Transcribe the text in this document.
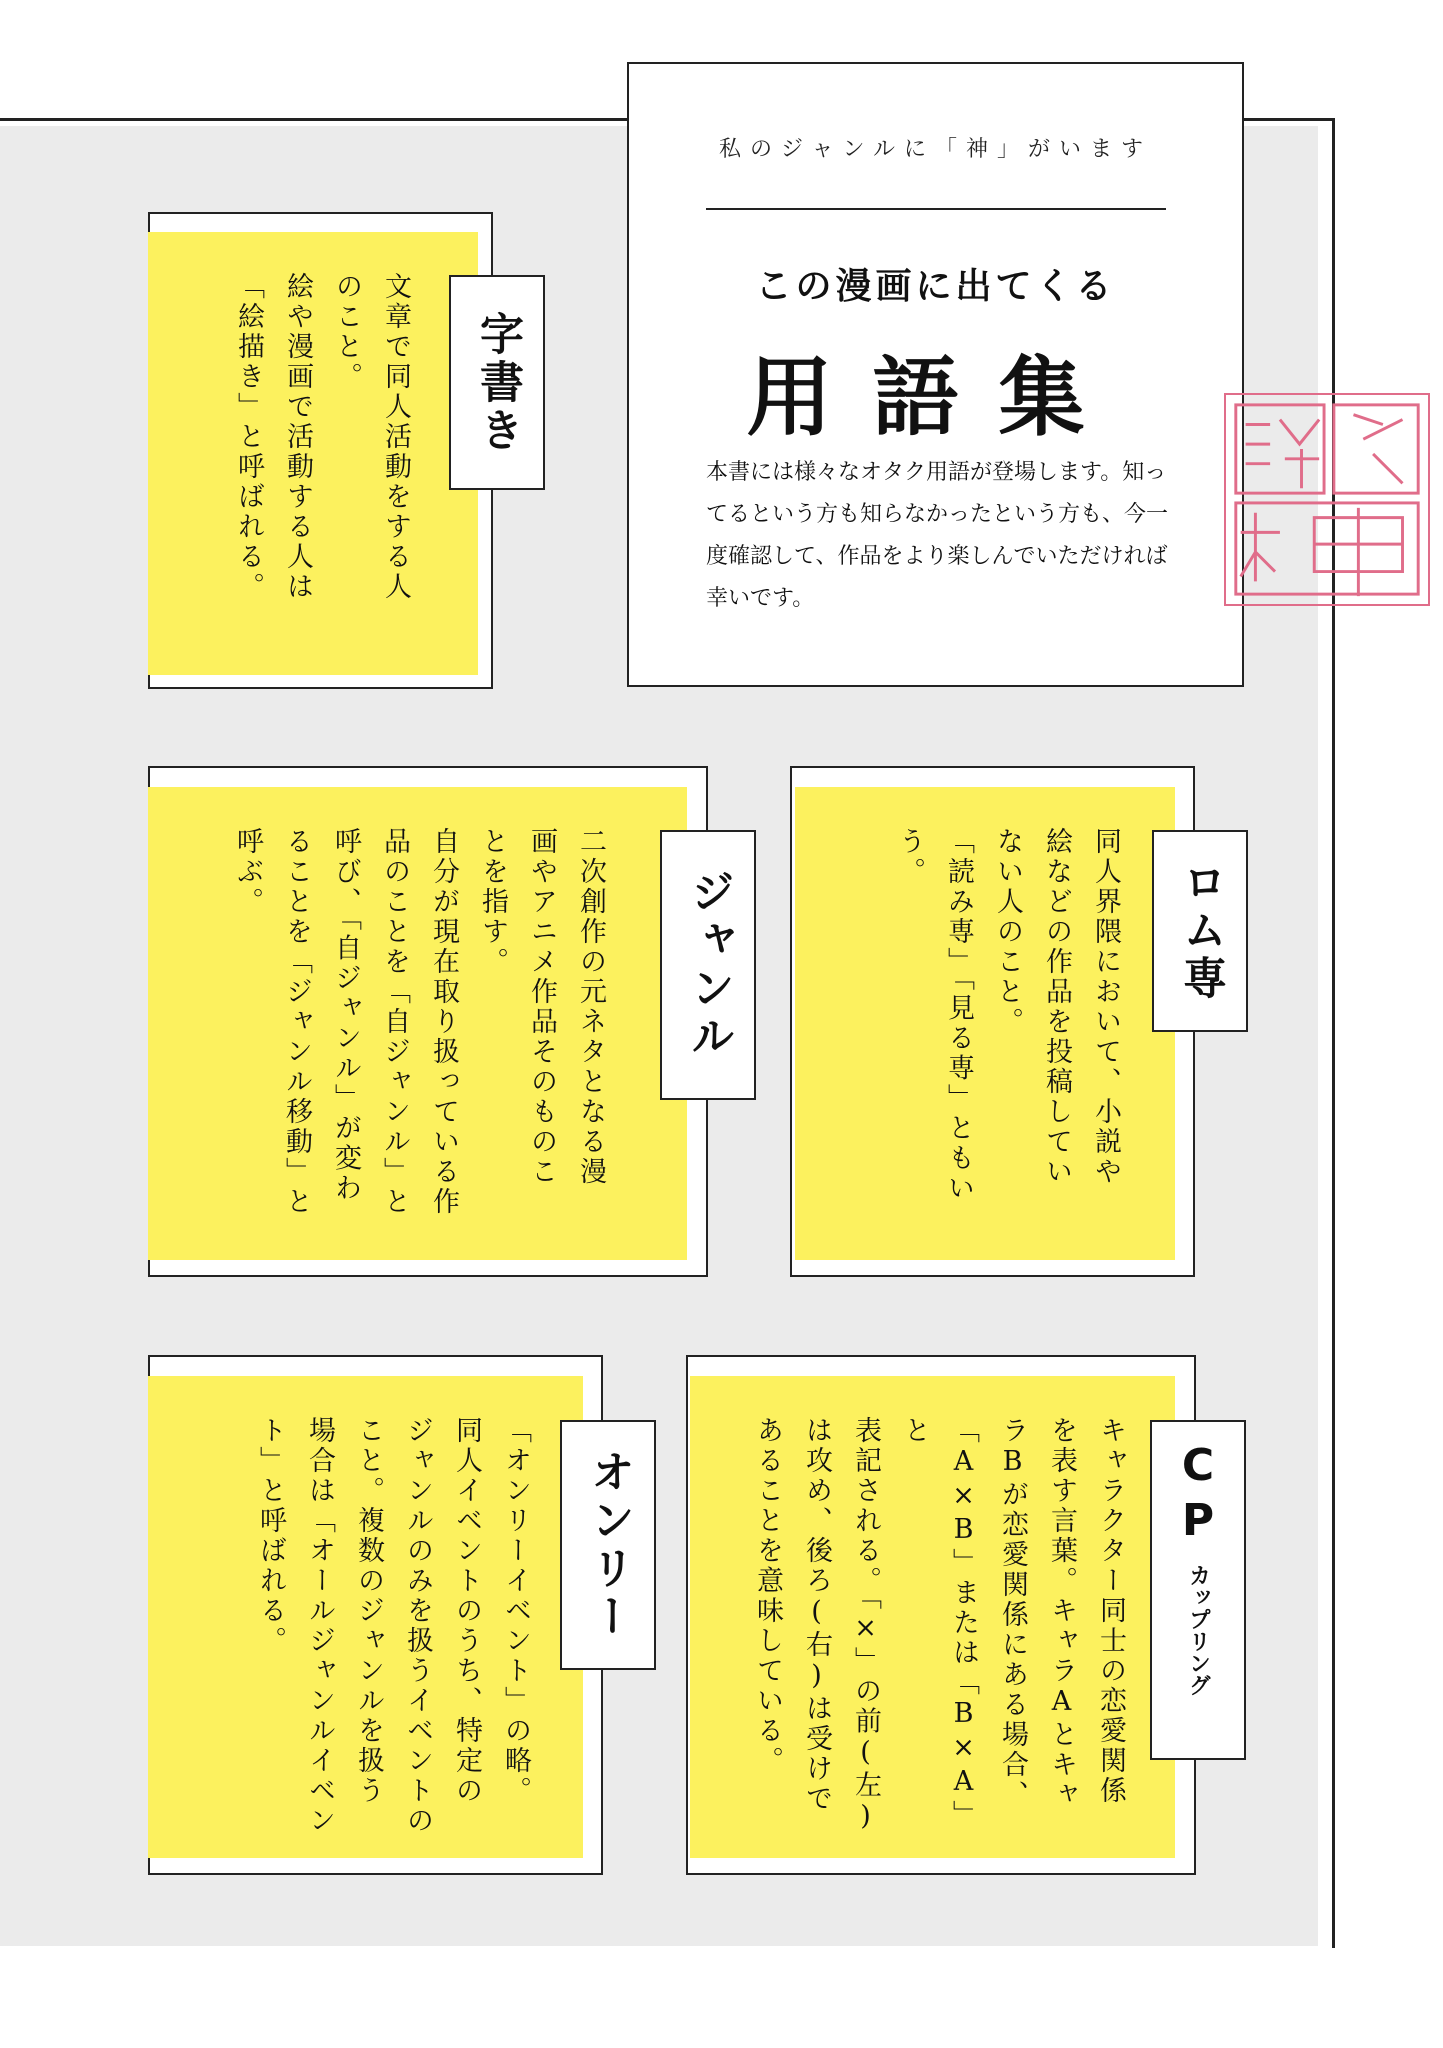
私のジャンルに「神」がいます
この漫画に出てくる
用語集
本書には様々なオタク用語が登場します。知ってるという方も知らなかったという方も、今一度確認して、作品をより楽しんでいただければ幸いです。
文章で同人活動をする人
のこと。
絵や漫画で活動する人は
「絵描き」と呼ばれる。	字書き
二次創作の元ネタとなる漫
画やアニメ作品そのものこ
とを指す。
自分が現在取り扱っている作
品のことを「自ジャンル」と
呼び、「自ジャンル」が変わ
ることを「ジャンル移動」と
呼ぶ。	ジャンル	同人界隈において、小説や
絵などの作品を投稿してい
ない人のこと。
「読み専」「見る専」ともい
う。
ロム専
「オンリーイベント」の略。
同人イベントのうち、特定の
ジャンルのみを扱うイベントの
こと。複数のジャンルを扱う
場合は「オールジャンルイベン
ト」と呼ばれる。	オンリー	キャラクター同士の恋愛関係
を表す言葉。キャラAとキャ
ラBが恋愛関係にある場合、
「A×B」または「B×A」と
表記される。「×」の前(左)
は攻め、後ろ(右)は受けで
あることを意味している。	CP
カップリング
